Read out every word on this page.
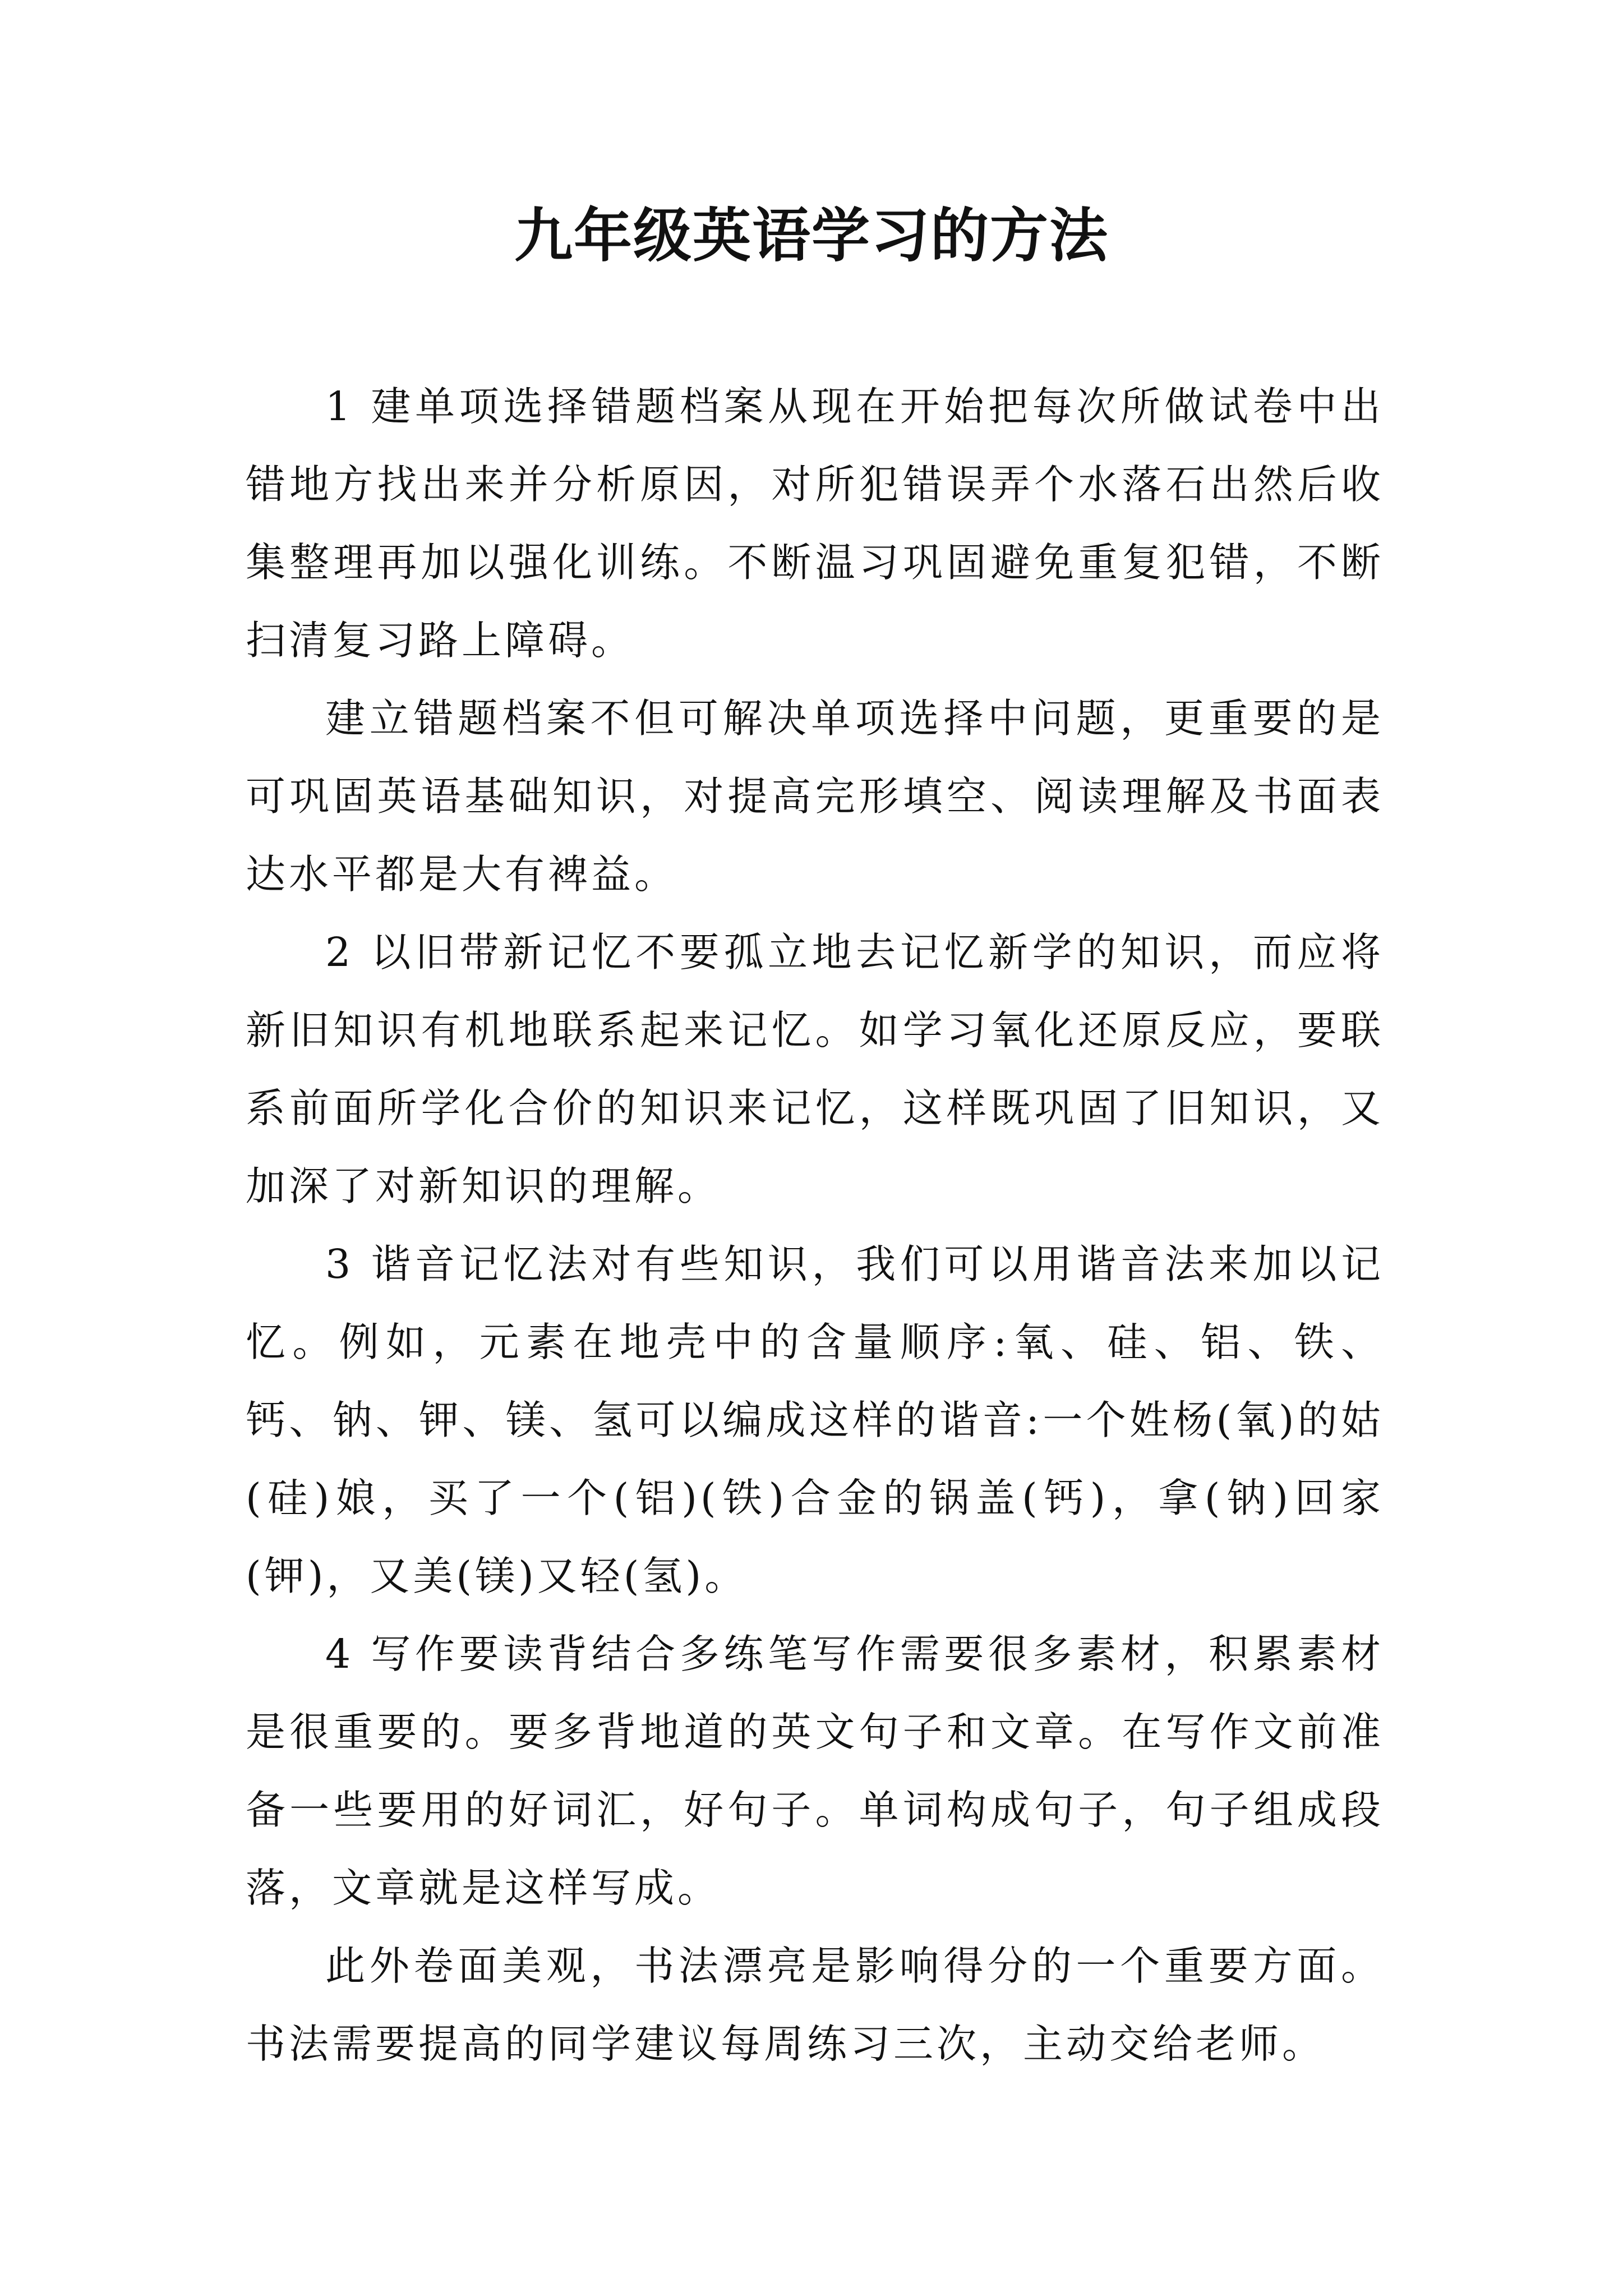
九年级英语学习的方法

1 建单项选择错题档案从现在开始把每次所做试卷中出错地方找出来并分析原因，对所犯错误弄个水落石出然后收集整理再加以强化训练。不断温习巩固避免重复犯错，不断扫清复习路上障碍。

建立错题档案不但可解决单项选择中问题，更重要的是可巩固英语基础知识，对提高完形填空、阅读理解及书面表达水平都是大有裨益。

2 以旧带新记忆不要孤立地去记忆新学的知识，而应将新旧知识有机地联系起来记忆。如学习氧化还原反应，要联系前面所学化合价的知识来记忆，这样既巩固了旧知识，又加深了对新知识的理解。

3 谐音记忆法对有些知识，我们可以用谐音法来加以记忆。例如，元素在地壳中的含量顺序:氧、硅、铝、铁、钙、钠、钾、镁、氢可以编成这样的谐音:一个姓杨(氧)的姑(硅)娘，买了一个(铝)(铁)合金的锅盖(钙)，拿(钠)回家(钾)，又美(镁)又轻(氢)。

4 写作要读背结合多练笔写作需要很多素材，积累素材是很重要的。要多背地道的英文句子和文章。在写作文前准备一些要用的好词汇，好句子。单词构成句子，句子组成段落，文章就是这样写成。

此外卷面美观，书法漂亮是影响得分的一个重要方面。书法需要提高的同学建议每周练习三次，主动交给老师。
